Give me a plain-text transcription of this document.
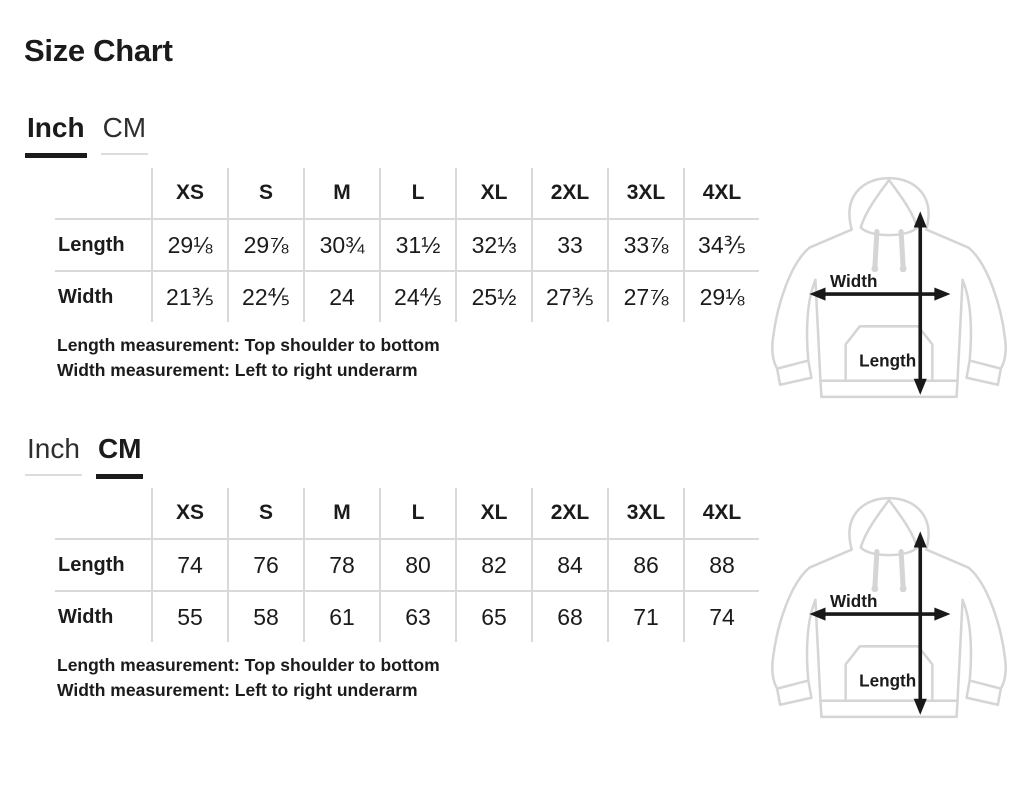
Size Chart
Inch CM
XS	S	M	L	XL	2XL	3XL	4XL
Length	29⅛	29⅞	30¾	31½	32⅓	33	33⅞	34⅗
Width	21⅗	22⅘	24	24⅘	25½	27⅗	27⅞	29⅛
Length measurement: Top shoulder to bottom
Width measurement: Left to right underarm
Width
Length
Inch CM
XS	S	M	L	XL	2XL	3XL	4XL
Length	74	76	78	80	82	84	86	88
Width	55	58	61	63	65	68	71	74
Length measurement: Top shoulder to bottom
Width measurement: Left to right underarm
Width
Length
